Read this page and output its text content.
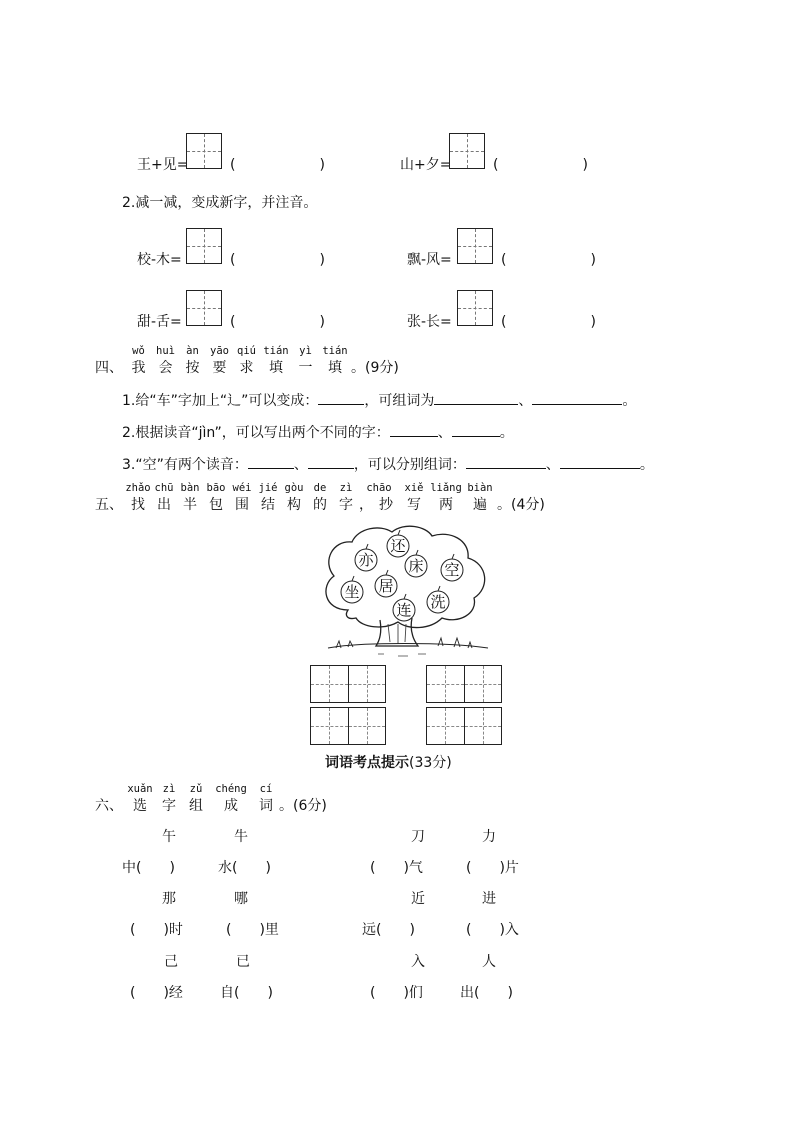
王+见=	(　　　　　　)	山+夕=	(　　　　　　)
2.减一减，变成新字，并注音。
校-木=	(　　　　　　)	飘-风=	(　　　　　　)
甜-舌=	(　　　　　　)	张-长=	(　　　　　　)
wǒ	huì	àn	yāo qiú tián	yì	tián
四、 我 会 按 要 求	填	一	填 。(9分)
1.给“车”字加上“辶”可以变成：	，可组词为	、	。
2.根据读音“jìn”，可以写出两个不同的字：	、	。
3.“空”有两个读音：	、	，可以分别组词：	、	。
zhǎo chū bàn bāo wéi jié gòu de	zì	chāo	xiě liǎng biàn
五、 找 出 半 包 围 结 构 的 字 ， 抄	写	两	遍 。(4分)
亦
还
床 空
坐 居
连 洗
词语考点提示(33分)
xuǎn zì	zǔ	chéng	cí
六、 选	字 组	成	词 。(6分)
午	牛	刀	力
中(　　)	水(　　)	(　　)气	(　　)片
那	哪	近	进
(　　)时	(　　)里	远(　　)	(　　)入
己	已	入	人
(　　)经	自(　　)	(　　)们	出(　　)
